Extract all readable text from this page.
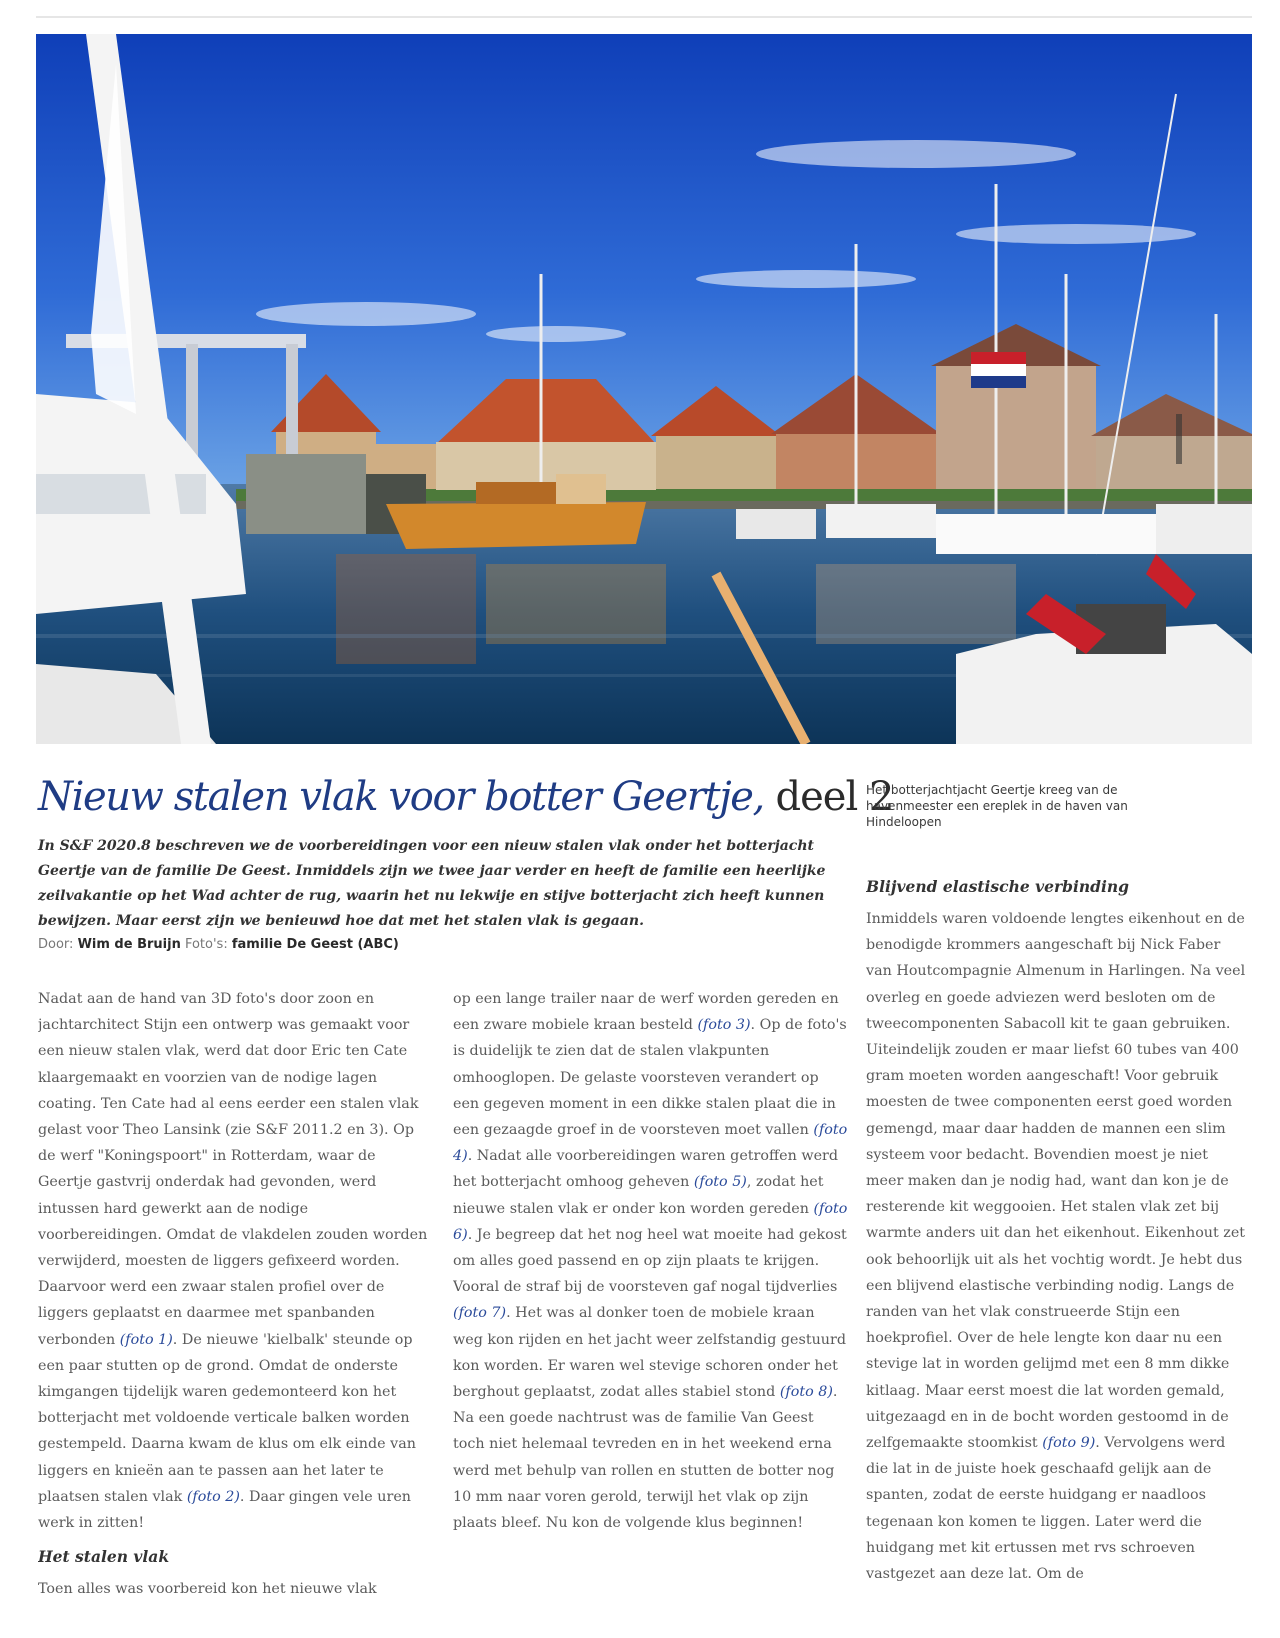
Nieuw stalen vlak voor botter Geertje, deel 2

Het botterjachtjacht Geertje kreeg van de havenmeester een ereplek in de haven van Hindeloopen

In S&F 2020.8 beschreven we de voorbereidingen voor een nieuw stalen vlak onder het botterjacht Geertje van de familie De Geest. Inmiddels zijn we twee jaar verder en heeft de familie een heerlijke zeilvakantie op het Wad achter de rug, waarin het nu lekwije en stijve botterjacht zich heeft kunnen bewijzen. Maar eerst zijn we benieuwd hoe dat met het stalen vlak is gegaan.

Door: Wim de Bruijn Foto's: familie De Geest (ABC)

Nadat aan de hand van 3D foto's door zoon en jachtarchitect Stijn een ontwerp was gemaakt voor een nieuw stalen vlak, werd dat door Eric ten Cate klaargemaakt en voorzien van de nodige lagen coating. Ten Cate had al eens eerder een stalen vlak gelast voor Theo Lansink (zie S&F 2011.2 en 3). Op de werf "Koningspoort" in Rotterdam, waar de Geertje gastvrij onderdak had gevonden, werd intussen hard gewerkt aan de nodige voorbereidingen. Omdat de vlakdelen zouden worden verwijderd, moesten de liggers gefixeerd worden. Daarvoor werd een zwaar stalen profiel over de liggers geplaatst en daarmee met spanbanden verbonden (foto 1). De nieuwe 'kielbalk' steunde op een paar stutten op de grond. Omdat de onderste kimgangen tijdelijk waren gedemonteerd kon het botterjacht met voldoende verticale balken worden gestempeld. Daarna kwam de klus om elk einde van liggers en knieën aan te passen aan het later te plaatsen stalen vlak (foto 2). Daar gingen vele uren werk in zitten!

Het stalen vlak

Toen alles was voorbereid kon het nieuwe vlak

op een lange trailer naar de werf worden gereden en een zware mobiele kraan besteld (foto 3). Op de foto's is duidelijk te zien dat de stalen vlakpunten omhooglopen. De gelaste voorsteven verandert op een gegeven moment in een dikke stalen plaat die in een gezaagde groef in de voorsteven moet vallen (foto 4). Nadat alle voorbereidingen waren getroffen werd het botterjacht omhoog geheven (foto 5), zodat het nieuwe stalen vlak er onder kon worden gereden (foto 6). Je begreep dat het nog heel wat moeite had gekost om alles goed passend en op zijn plaats te krijgen. Vooral de straf bij de voorsteven gaf nogal tijdverlies (foto 7). Het was al donker toen de mobiele kraan weg kon rijden en het jacht weer zelfstandig gestuurd kon worden. Er waren wel stevige schoren onder het berghout geplaatst, zodat alles stabiel stond (foto 8).

Na een goede nachtrust was de familie Van Geest toch niet helemaal tevreden en in het weekend erna werd met behulp van rollen en stutten de botter nog 10 mm naar voren gerold, terwijl het vlak op zijn plaats bleef. Nu kon de volgende klus beginnen!

Blijvend elastische verbinding

Inmiddels waren voldoende lengtes eikenhout en de benodigde krommers aangeschaft bij Nick Faber van Houtcompagnie Almenum in Harlingen. Na veel overleg en goede adviezen werd besloten om de tweecomponenten Sabacoll kit te gaan gebruiken. Uiteindelijk zouden er maar liefst 60 tubes van 400 gram moeten worden aangeschaft! Voor gebruik moesten de twee componenten eerst goed worden gemengd, maar daar hadden de mannen een slim systeem voor bedacht. Bovendien moest je niet meer maken dan je nodig had, want dan kon je de resterende kit weggooien. Het stalen vlak zet bij warmte anders uit dan het eikenhout. Eikenhout zet ook behoorlijk uit als het vochtig wordt. Je hebt dus een blijvend elastische verbinding nodig. Langs de randen van het vlak construeerde Stijn een hoekprofiel. Over de hele lengte kon daar nu een stevige lat in worden gelijmd met een 8 mm dikke kitlaag. Maar eerst moest die lat worden gemald, uitgezaagd en in de bocht worden gestoomd in de zelfgemaakte stoomkist (foto 9). Vervolgens werd die lat in de juiste hoek geschaafd gelijk aan de spanten, zodat de eerste huidgang er naadloos tegenaan kon komen te liggen. Later werd die huidgang met kit ertussen met rvs schroeven vastgezet aan deze lat. Om de
